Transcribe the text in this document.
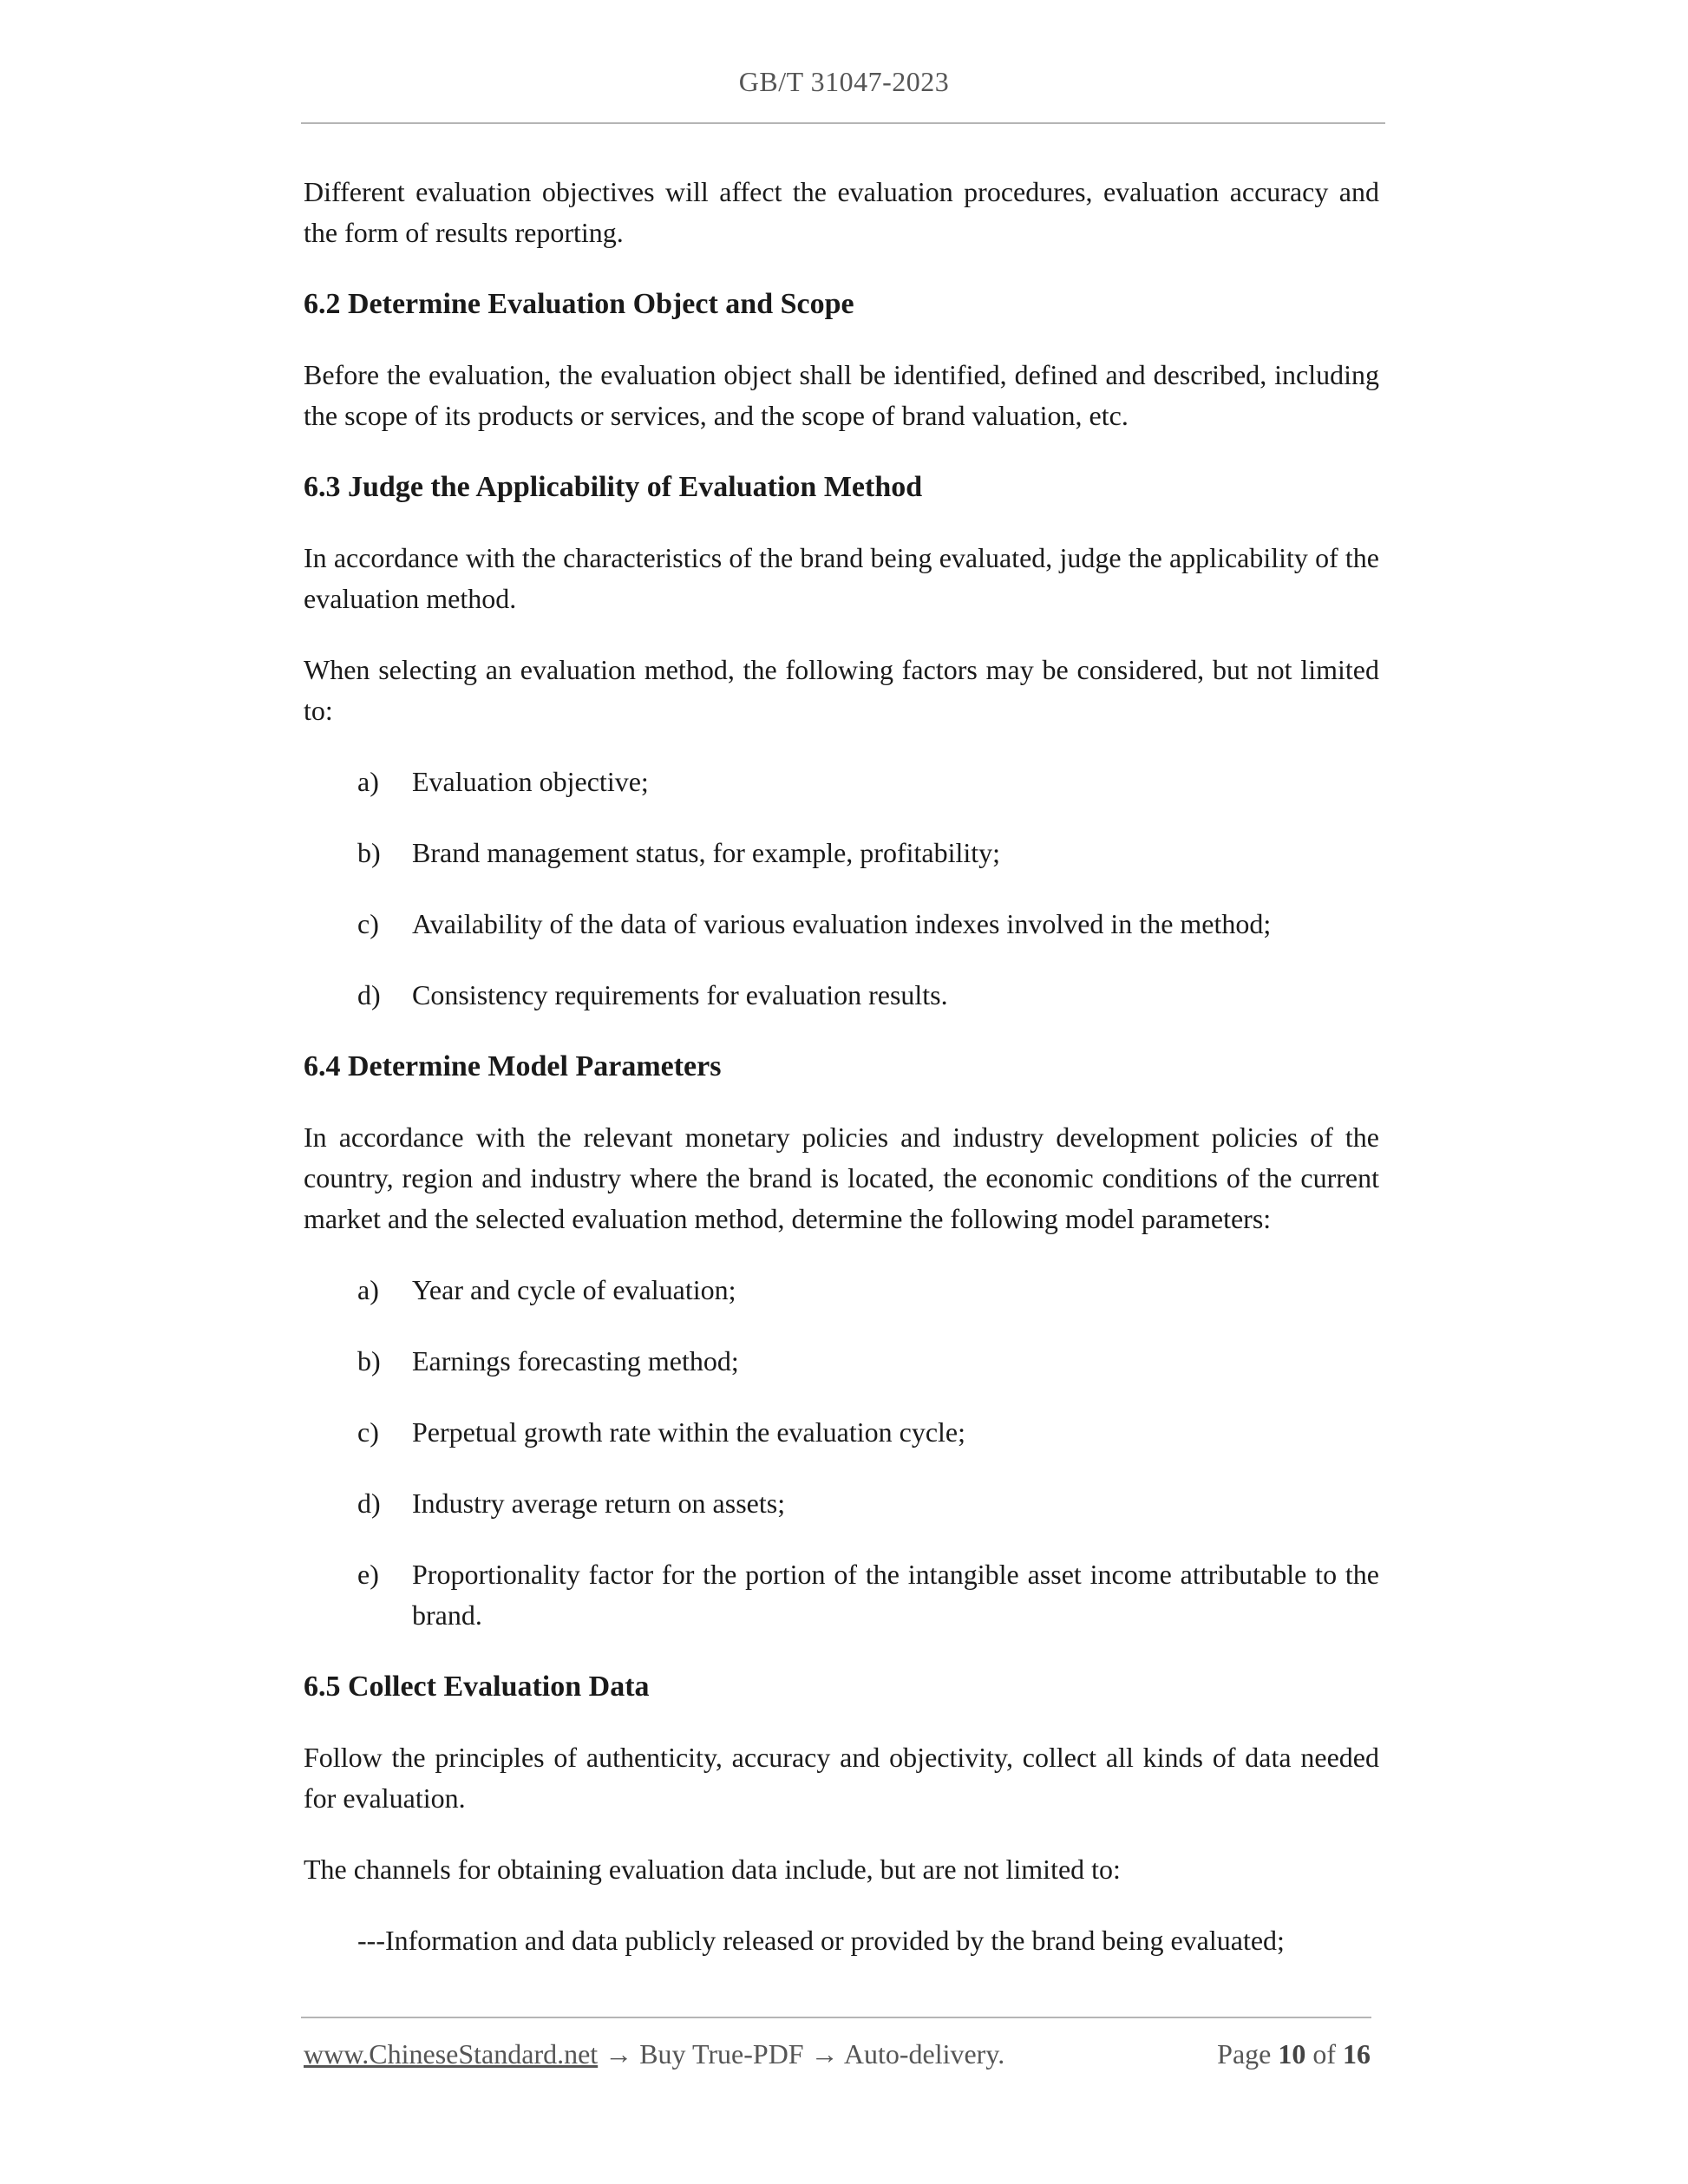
GB/T 31047-2023

Different evaluation objectives will affect the evaluation procedures, evaluation accuracy and the form of results reporting.

6.2 Determine Evaluation Object and Scope

Before the evaluation, the evaluation object shall be identified, defined and described, including the scope of its products or services, and the scope of brand valuation, etc.

6.3 Judge the Applicability of Evaluation Method

In accordance with the characteristics of the brand being evaluated, judge the applicability of the evaluation method.

When selecting an evaluation method, the following factors may be considered, but not limited to:

a) Evaluation objective;
b) Brand management status, for example, profitability;
c) Availability of the data of various evaluation indexes involved in the method;
d) Consistency requirements for evaluation results.
6.4 Determine Model Parameters

In accordance with the relevant monetary policies and industry development policies of the country, region and industry where the brand is located, the economic conditions of the current market and the selected evaluation method, determine the following model parameters:

a) Year and cycle of evaluation;
b) Earnings forecasting method;
c) Perpetual growth rate within the evaluation cycle;
d) Industry average return on assets;
e) Proportionality factor for the portion of the intangible asset income attributable to the brand.
6.5 Collect Evaluation Data

Follow the principles of authenticity, accuracy and objectivity, collect all kinds of data needed for evaluation.

The channels for obtaining evaluation data include, but are not limited to:

---Information and data publicly released or provided by the brand being evaluated;
www.ChineseStandard.net → Buy True-PDF → Auto-delivery.	Page 10 of 16
